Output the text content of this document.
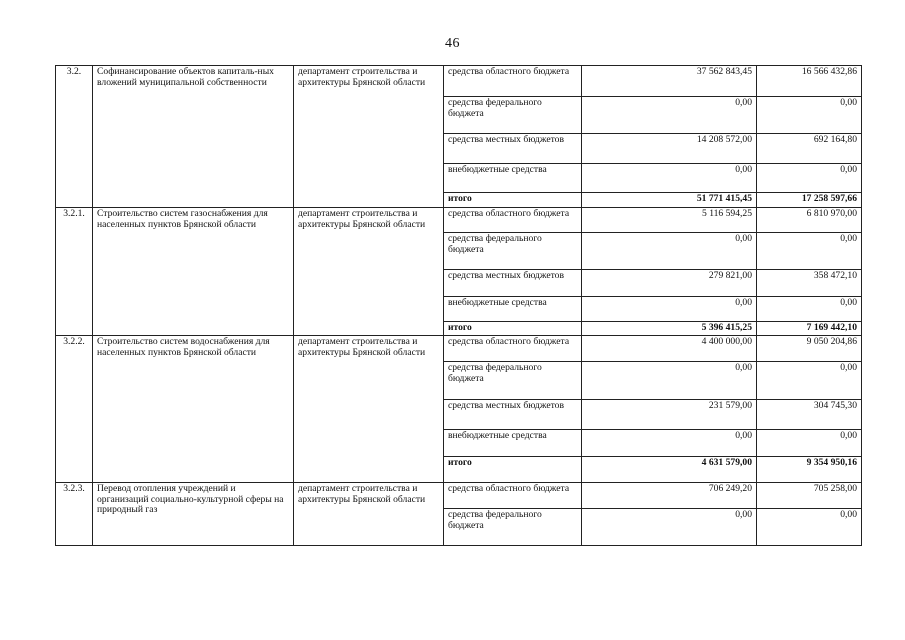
46
3.2.	Софинансирование объектов капиталь-ных вложений муниципальной собственности	департамент строительства и архитектуры Брянской области	средства областного бюджета	37 562 843,45	16 566 432,86	
			средства федерального бюджета	0,00	0,00	
			средства местных бюджетов	14 208 572,00	692 164,80	
			внебюджетные средства	0,00	0,00	
			итого	51 771 415,45	17 258 597,66	
3.2.1.	Строительство систем газоснабжения для населенных пунктов Брянской области	департамент строительства и архитектуры Брянской области	средства областного бюджета	5 116 594,25	6 810 970,00	
			средства федерального бюджета	0,00	0,00	
			средства местных бюджетов	279 821,00	358 472,10	
			внебюджетные средства	0,00	0,00	
			итого	5 396 415,25	7 169 442,10	
3.2.2.	Строительство систем водоснабжения для населенных пунктов Брянской области	департамент строительства и архитектуры Брянской области	средства областного бюджета	4 400 000,00	9 050 204,86	
			средства федерального бюджета	0,00	0,00	
			средства местных бюджетов	231 579,00	304 745,30	
			внебюджетные средства	0,00	0,00	
			итого	4 631 579,00	9 354 950,16	
3.2.3.	Перевод отопления учреждений и организаций социально-культурной сферы на природный газ	департамент строительства и архитектуры Брянской области	средства областного бюджета	706 249,20	705 258,00	
			средства федерального бюджета	0,00	0,00	
